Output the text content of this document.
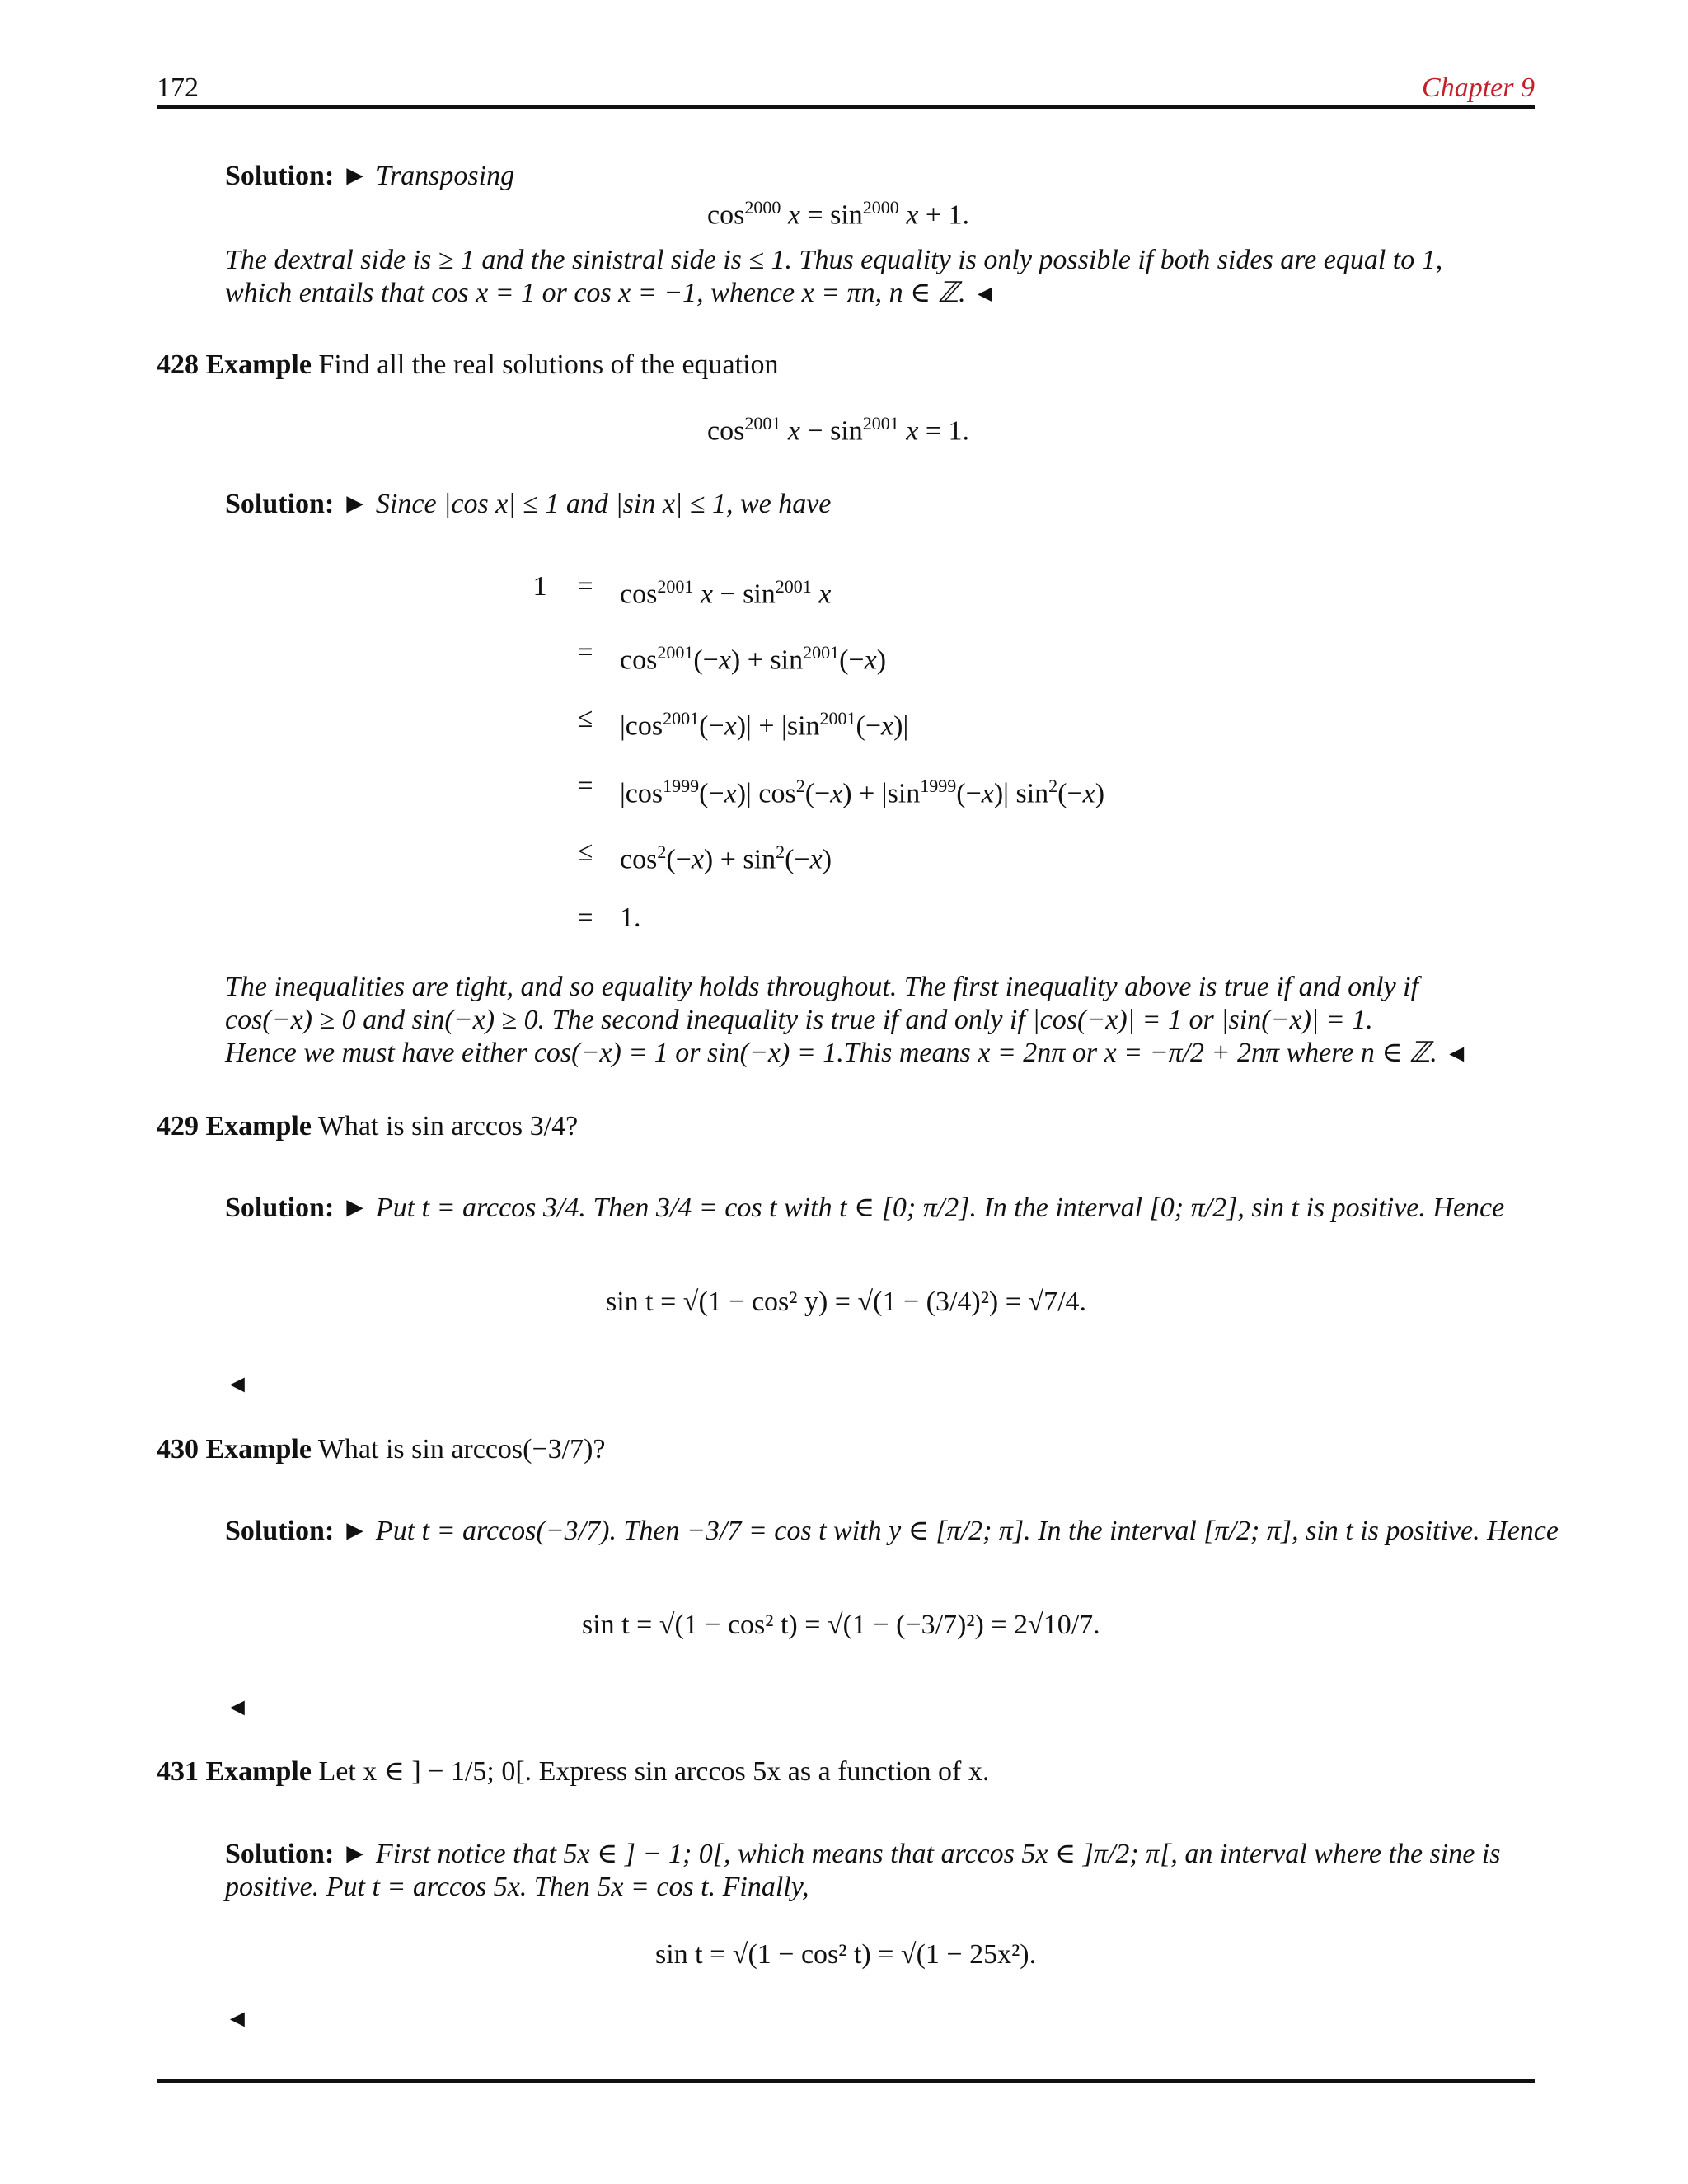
172	Chapter 9
Solution: ► Transposing
$\cos^{2000} x = \sin^{2000} x + 1$.
The dextral side is ≥ 1 and the sinistral side is ≤ 1. Thus equality is only possible if both sides are equal to 1,
which entails that cos x = 1 or cos x = −1, whence x = πn, n ∈ ℤ. ◄
428 Example Find all the real solutions of the equation
$\cos^{2001} x - \sin^{2001} x = 1$.
Solution: ► Since |cos x| ≤ 1 and |sin x| ≤ 1, we have
1	= $\cos^{2001} x - \sin^{2001} x$
= $\cos^{2001}(-x) + \sin^{2001}(-x)$
≤ $|\cos^{2001}(-x)| + |\sin^{2001}(-x)|$
= $|\cos^{1999}(-x)|$ $\cos^2(-x) + |\sin^{1999}(-x)|$ $\sin^2(-x)$
≤ $\cos^2(-x) + \sin^2(-x)$
= 1.
The inequalities are tight, and so equality holds throughout. The first inequality above is true if and only if
cos(−x) ≥ 0 and sin(−x) ≥ 0. The second inequality is true if and only if |cos(−x)| = 1 or |sin(−x)| = 1.
Hence we must have either cos(−x) = 1 or sin(−x) = 1.This means x = 2nπ or x = −π/2 + 2nπ where n ∈ ℤ. ◄
429 Example What is sin arccos 3/4?
Solution: ► Put t = arccos 3/4. Then 3/4 = cos t with t ∈ [0; π/2]. In the interval [0; π/2], sin t is positive. Hence
sin t = √(1 − cos² y) = √(1 − (3/4)²) = √7/4.
◄
430 Example What is sin arccos(−3/7)?
Solution: ► Put t = arccos(−3/7). Then −3/7 = cos t with y ∈ [π/2; π]. In the interval [π/2; π], sin t is positive. Hence
sin t = √(1 − cos² t) = √(1 − (−3/7)²) = 2√10/7.
◄
431 Example Let x ∈ ] − 1/5; 0[. Express sin arccos 5x as a function of x.
Solution: ► First notice that 5x ∈ ] − 1; 0[, which means that arccos 5x ∈ ]π/2; π[, an interval where the sine is
positive. Put t = arccos 5x. Then 5x = cos t. Finally,
sin t = √(1 − cos² t) = √(1 − 25x²).
◄
